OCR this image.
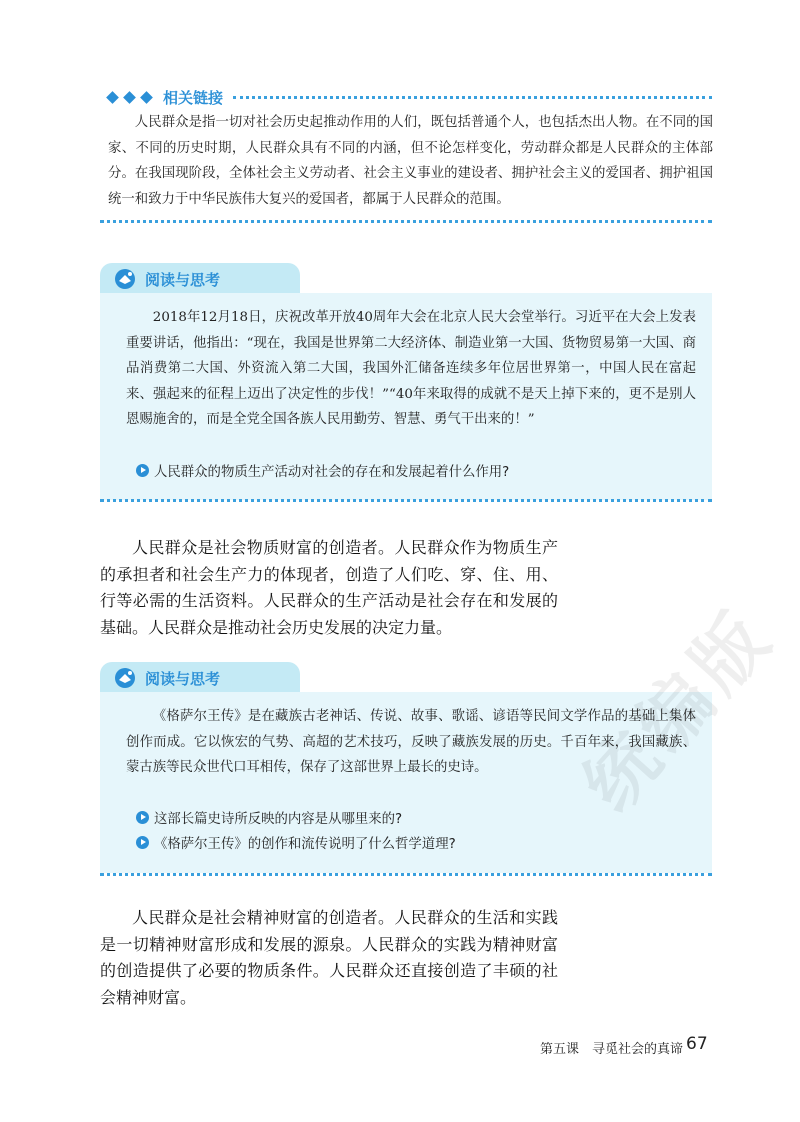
相关链接
人民群众是指一切对社会历史起推动作用的人们，既包括普通个人，也包括杰出人物。在不同的国家、不同的历史时期，人民群众具有不同的内涵，但不论怎样变化，劳动群众都是人民群众的主体部分。在我国现阶段，全体社会主义劳动者、社会主义事业的建设者、拥护社会主义的爱国者、拥护祖国统一和致力于中华民族伟大复兴的爱国者，都属于人民群众的范围。
阅读与思考
2018年12月18日，庆祝改革开放40周年大会在北京人民大会堂举行。习近平在大会上发表重要讲话，他指出：“现在，我国是世界第二大经济体、制造业第一大国、货物贸易第一大国、商品消费第二大国、外资流入第二大国，我国外汇储备连续多年位居世界第一，中国人民在富起来、强起来的征程上迈出了决定性的步伐！”“40年来取得的成就不是天上掉下来的，更不是别人恩赐施舍的，而是全党全国各族人民用勤劳、智慧、勇气干出来的！”
人民群众的物质生产活动对社会的存在和发展起着什么作用?
人民群众是社会物质财富的创造者。人民群众作为物质生产的承担者和社会生产力的体现者，创造了人们吃、穿、住、用、行等必需的生活资料。人民群众的生产活动是社会存在和发展的基础。人民群众是推动社会历史发展的决定力量。
阅读与思考
《格萨尔王传》是在藏族古老神话、传说、故事、歌谣、谚语等民间文学作品的基础上集体创作而成。它以恢宏的气势、高超的艺术技巧，反映了藏族发展的历史。千百年来，我国藏族、蒙古族等民众世代口耳相传，保存了这部世界上最长的史诗。
这部长篇史诗所反映的内容是从哪里来的?
《格萨尔王传》的创作和流传说明了什么哲学道理?
人民群众是社会精神财富的创造者。人民群众的生活和实践是一切精神财富形成和发展的源泉。人民群众的实践为精神财富的创造提供了必要的物质条件。人民群众还直接创造了丰硕的社会精神财富。
统编版
第五课　寻觅社会的真谛 67
